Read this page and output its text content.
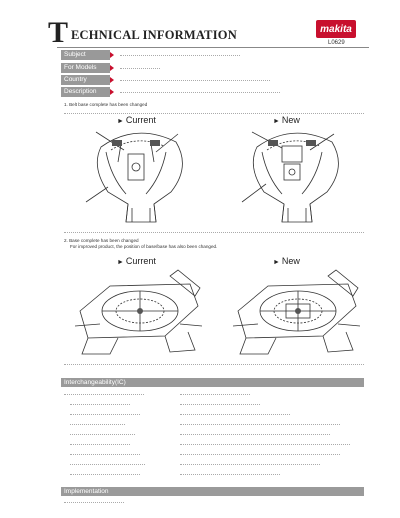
T ECHNICAL INFORMATION	makita
L0629
Subject
For Models
Country
Description
1. Belt base complete has been changed
► Current	► New
2. Base complete has been changed
For improved product, the position of base/base has also been changed.
► Current	► New
Interchangeability(IC)
Implementation
